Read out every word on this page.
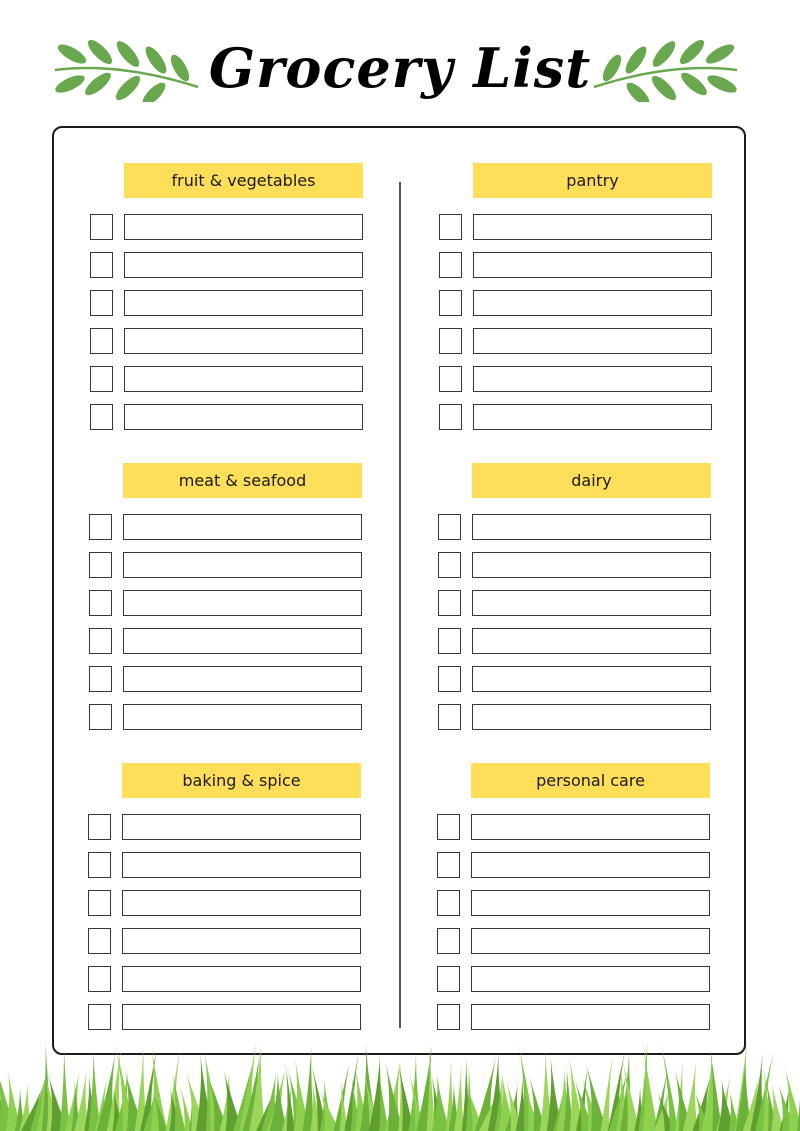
Grocery List
fruit & vegetables	pantry
meat & seafood	dairy
baking & spice	personal care
